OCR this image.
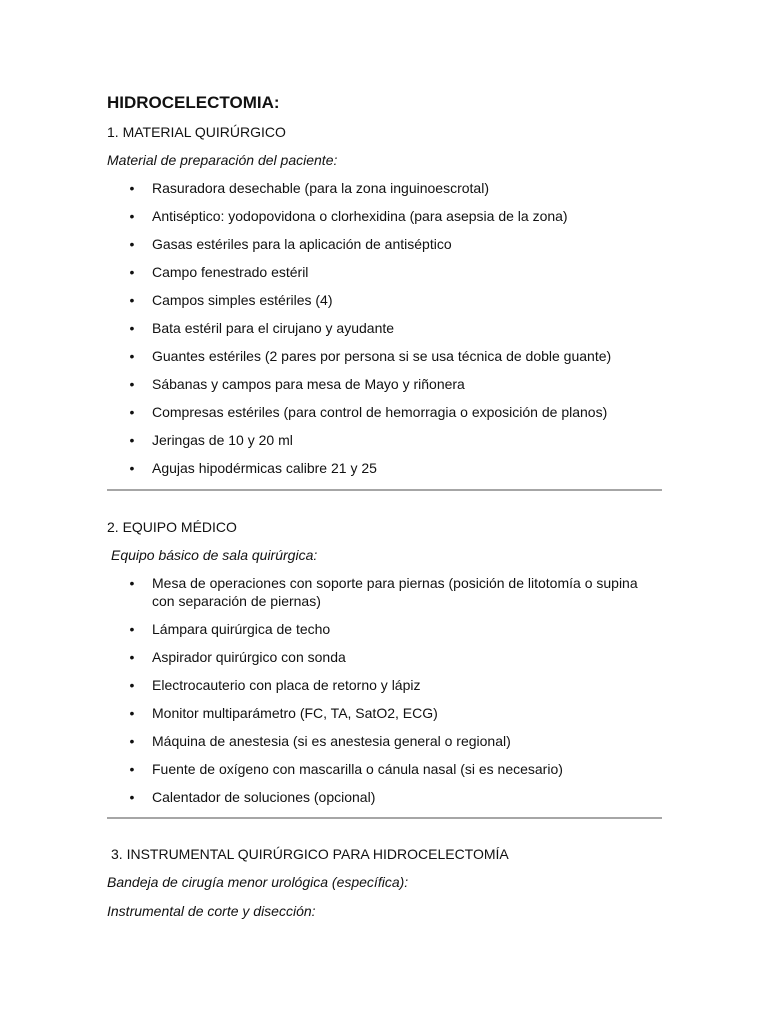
HIDROCELECTOMIA:

1. MATERIAL QUIRÚRGICO

Material de preparación del paciente:

• Rasuradora desechable (para la zona inguinoescrotal)
• Antiséptico: yodopovidona o clorhexidina (para asepsia de la zona)
• Gasas estériles para la aplicación de antiséptico
• Campo fenestrado estéril
• Campos simples estériles (4)
• Bata estéril para el cirujano y ayudante
• Guantes estériles (2 pares por persona si se usa técnica de doble guante)
• Sábanas y campos para mesa de Mayo y riñonera
• Compresas estériles (para control de hemorragia o exposición de planos)
• Jeringas de 10 y 20 ml
• Agujas hipodérmicas calibre 21 y 25

2. EQUIPO MÉDICO

Equipo básico de sala quirúrgica:

• Mesa de operaciones con soporte para piernas (posición de litotomía o supina con separación de piernas)
• Lámpara quirúrgica de techo
• Aspirador quirúrgico con sonda
• Electrocauterio con placa de retorno y lápiz
• Monitor multiparámetro (FC, TA, SatO2, ECG)
• Máquina de anestesia (si es anestesia general o regional)
• Fuente de oxígeno con mascarilla o cánula nasal (si es necesario)
• Calentador de soluciones (opcional)

3. INSTRUMENTAL QUIRÚRGICO PARA HIDROCELECTOMÍA

Bandeja de cirugía menor urológica (específica):

Instrumental de corte y disección:
